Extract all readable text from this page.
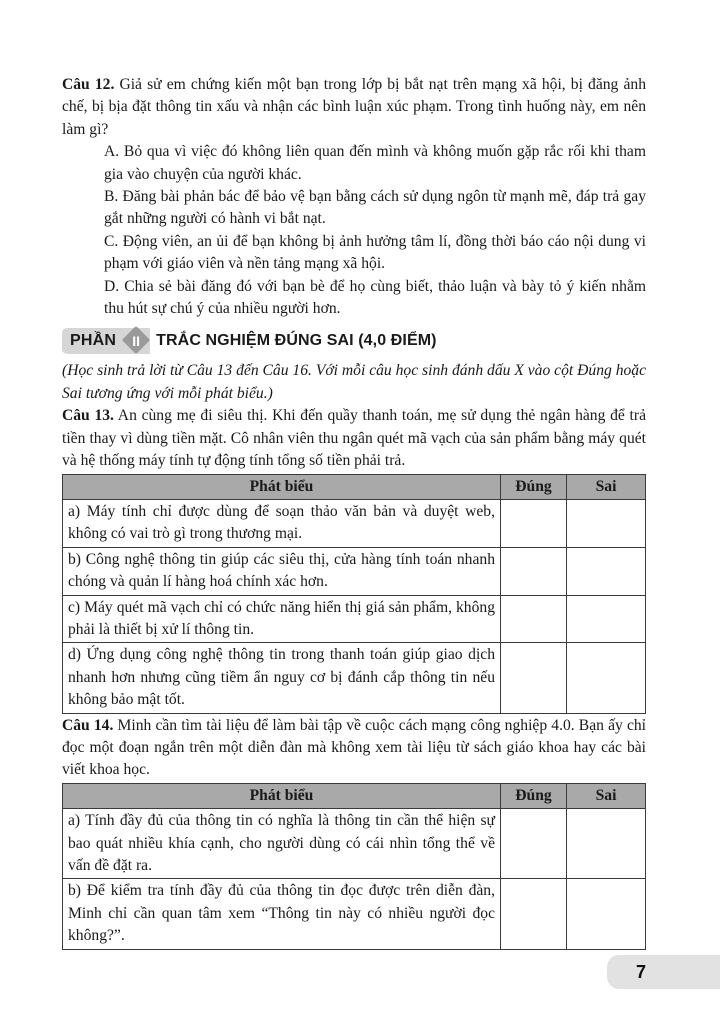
Câu 12. Giả sử em chứng kiến một bạn trong lớp bị bắt nạt trên mạng xã hội, bị đăng ảnh chế, bị bịa đặt thông tin xấu và nhận các bình luận xúc phạm. Trong tình huống này, em nên làm gì?

A. Bỏ qua vì việc đó không liên quan đến mình và không muốn gặp rắc rối khi tham gia vào chuyện của người khác.

B. Đăng bài phản bác để bảo vệ bạn bằng cách sử dụng ngôn từ mạnh mẽ, đáp trả gay gắt những người có hành vi bắt nạt.

C. Động viên, an ủi để bạn không bị ảnh hưởng tâm lí, đồng thời báo cáo nội dung vi phạm với giáo viên và nền tảng mạng xã hội.

D. Chia sẻ bài đăng đó với bạn bè để họ cùng biết, thảo luận và bày tỏ ý kiến nhằm thu hút sự chú ý của nhiều người hơn.

PHẦN	II	TRẮC NGHIỆM ĐÚNG SAI (4,0 ĐIỂM)

(Học sinh trả lời từ Câu 13 đến Câu 16. Với mỗi câu học sinh đánh dấu X vào cột Đúng hoặc Sai tương ứng với mỗi phát biểu.)

Câu 13. An cùng mẹ đi siêu thị. Khi đến quầy thanh toán, mẹ sử dụng thẻ ngân hàng để trả tiền thay vì dùng tiền mặt. Cô nhân viên thu ngân quét mã vạch của sản phẩm bằng máy quét và hệ thống máy tính tự động tính tổng số tiền phải trả.

Phát biểu	Đúng	Sai
a) Máy tính chỉ được dùng để soạn thảo văn bản và duyệt web, không có vai trò gì trong thương mại.		
b) Công nghệ thông tin giúp các siêu thị, cửa hàng tính toán nhanh chóng và quản lí hàng hoá chính xác hơn.		
c) Máy quét mã vạch chỉ có chức năng hiển thị giá sản phẩm, không phải là thiết bị xử lí thông tin.		
d) Ứng dụng công nghệ thông tin trong thanh toán giúp giao dịch nhanh hơn nhưng cũng tiềm ẩn nguy cơ bị đánh cắp thông tin nếu không bảo mật tốt.		

Câu 14. Minh cần tìm tài liệu để làm bài tập về cuộc cách mạng công nghiệp 4.0. Bạn ấy chỉ đọc một đoạn ngắn trên một diễn đàn mà không xem tài liệu từ sách giáo khoa hay các bài viết khoa học.

Phát biểu	Đúng	Sai
a) Tính đầy đủ của thông tin có nghĩa là thông tin cần thể hiện sự bao quát nhiều khía cạnh, cho người dùng có cái nhìn tổng thể về vấn đề đặt ra.		
b) Để kiểm tra tính đầy đủ của thông tin đọc được trên diễn đàn, Minh chỉ cần quan tâm xem “Thông tin này có nhiều người đọc không?”.		
7
